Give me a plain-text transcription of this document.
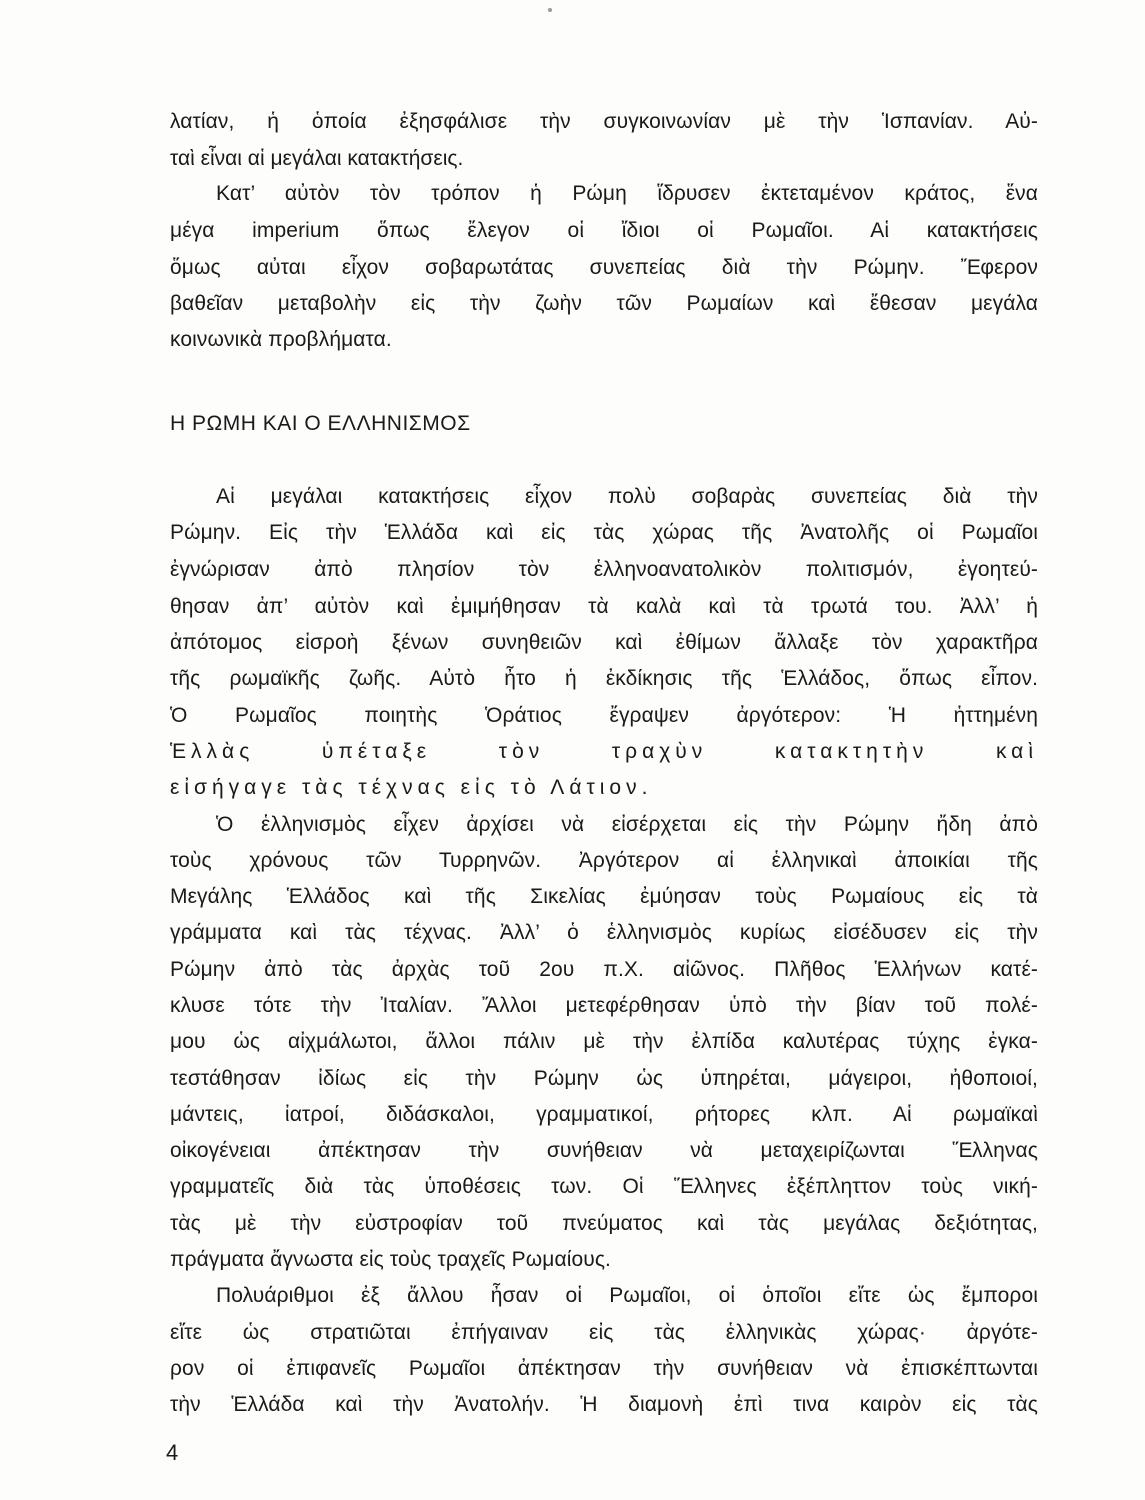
λατίαν, ἡ ὁποία ἐξησφάλισε τὴν συγκοινωνίαν μὲ τὴν Ἱσπανίαν. Αὐ-
ταὶ εἶναι αἱ μεγάλαι κατακτήσεις.
Κατ’ αὐτὸν τὸν τρόπον ἡ Ρώμη ἵδρυσεν ἐκτεταμένον κράτος, ἕνα
μέγα imperium ὅπως ἔλεγον οἱ ἴδιοι οἱ Ρωμαῖοι. Αἱ κατακτήσεις
ὅμως αὐται εἶχον σοβαρωτάτας συνεπείας διὰ τὴν Ρώμην. Ἔφερον
βαθεῖαν μεταβολὴν εἰς τὴν ζωὴν τῶν Ρωμαίων καὶ ἔθεσαν μεγάλα
κοινωνικὰ προβλήματα.
Η ΡΩΜΗ ΚΑΙ Ο ΕΛΛΗΝΙΣΜΟΣ
Αἱ μεγάλαι κατακτήσεις εἶχον πολὺ σοβαρὰς συνεπείας διὰ τὴν
Ρώμην. Εἰς τὴν Ἑλλάδα καὶ εἰς τὰς χώρας τῆς Ἀνατολῆς οἱ Ρωμαῖοι
ἐγνώρισαν ἀπὸ πλησίον τὸν ἑλληνοανατολικὸν πολιτισμόν, ἐγοητεύ-
θησαν ἀπ’ αὐτὸν καὶ ἐμιμήθησαν τὰ καλὰ καὶ τὰ τρωτά του. Ἀλλ’ ἡ
ἀπότομος εἰσροὴ ξένων συνηθειῶν καὶ ἐθίμων ἄλλαξε τὸν χαρακτῆρα
τῆς ρωμαϊκῆς ζωῆς. Αὐτὸ ἦτο ἡ ἐκδίκησις τῆς Ἑλλάδος, ὅπως εἶπον.
Ὁ Ρωμαῖος ποιητὴς Ὁράτιος ἔγραψεν ἀργότερον: Ἡ ἡττημένη
Ἑλλὰς ὑπέταξε τὸν τραχὺν κατακτητὴν καὶ
εἰσήγαγε τὰς τέχνας εἰς τὸ Λάτιον.
Ὁ ἑλληνισμὸς εἶχεν ἀρχίσει νὰ εἰσέρχεται εἰς τὴν Ρώμην ἤδη ἀπὸ
τοὺς χρόνους τῶν Τυρρηνῶν. Ἀργότερον αἱ ἑλληνικαὶ ἀποικίαι τῆς
Μεγάλης Ἑλλάδος καὶ τῆς Σικελίας ἐμύησαν τοὺς Ρωμαίους εἰς τὰ
γράμματα καὶ τὰς τέχνας. Ἀλλ’ ὁ ἑλληνισμὸς κυρίως εἰσέδυσεν εἰς τὴν
Ρώμην ἀπὸ τὰς ἀρχὰς τοῦ 2ου π.Χ. αἰῶνος. Πλῆθος Ἑλλήνων κατέ-
κλυσε τότε τὴν Ἰταλίαν. Ἄλλοι μετεφέρθησαν ὑπὸ τὴν βίαν τοῦ πολέ-
μου ὡς αἰχμάλωτοι, ἄλλοι πάλιν μὲ τὴν ἐλπίδα καλυτέρας τύχης ἐγκα-
τεστάθησαν ἰδίως εἰς τὴν Ρώμην ὡς ὑπηρέται, μάγειροι, ἠθοποιοί,
μάντεις, ἰατροί, διδάσκαλοι, γραμματικοί, ρήτορες κλπ. Αἱ ρωμαϊκαὶ
οἰκογένειαι ἀπέκτησαν τὴν συνήθειαν νὰ μεταχειρίζωνται Ἕλληνας
γραμματεῖς διὰ τὰς ὑποθέσεις των. Οἱ Ἕλληνες ἐξέπληττον τοὺς νική-
τὰς μὲ τὴν εὐστροφίαν τοῦ πνεύματος καὶ τὰς μεγάλας δεξιότητας,
πράγματα ἄγνωστα εἰς τοὺς τραχεῖς Ρωμαίους.
Πολυάριθμοι ἐξ ἄλλου ἦσαν οἱ Ρωμαῖοι, οἱ ὁποῖοι εἴτε ὡς ἔμποροι
εἴτε ὡς στρατιῶται ἐπήγαιναν εἰς τὰς ἑλληνικὰς χώρας· ἀργότε-
ρον οἱ ἐπιφανεῖς Ρωμαῖοι ἀπέκτησαν τὴν συνήθειαν νὰ ἐπισκέπτωνται
τὴν Ἑλλάδα καὶ τὴν Ἀνατολήν. Ἡ διαμονὴ ἐπὶ τινα καιρὸν εἰς τὰς
4
